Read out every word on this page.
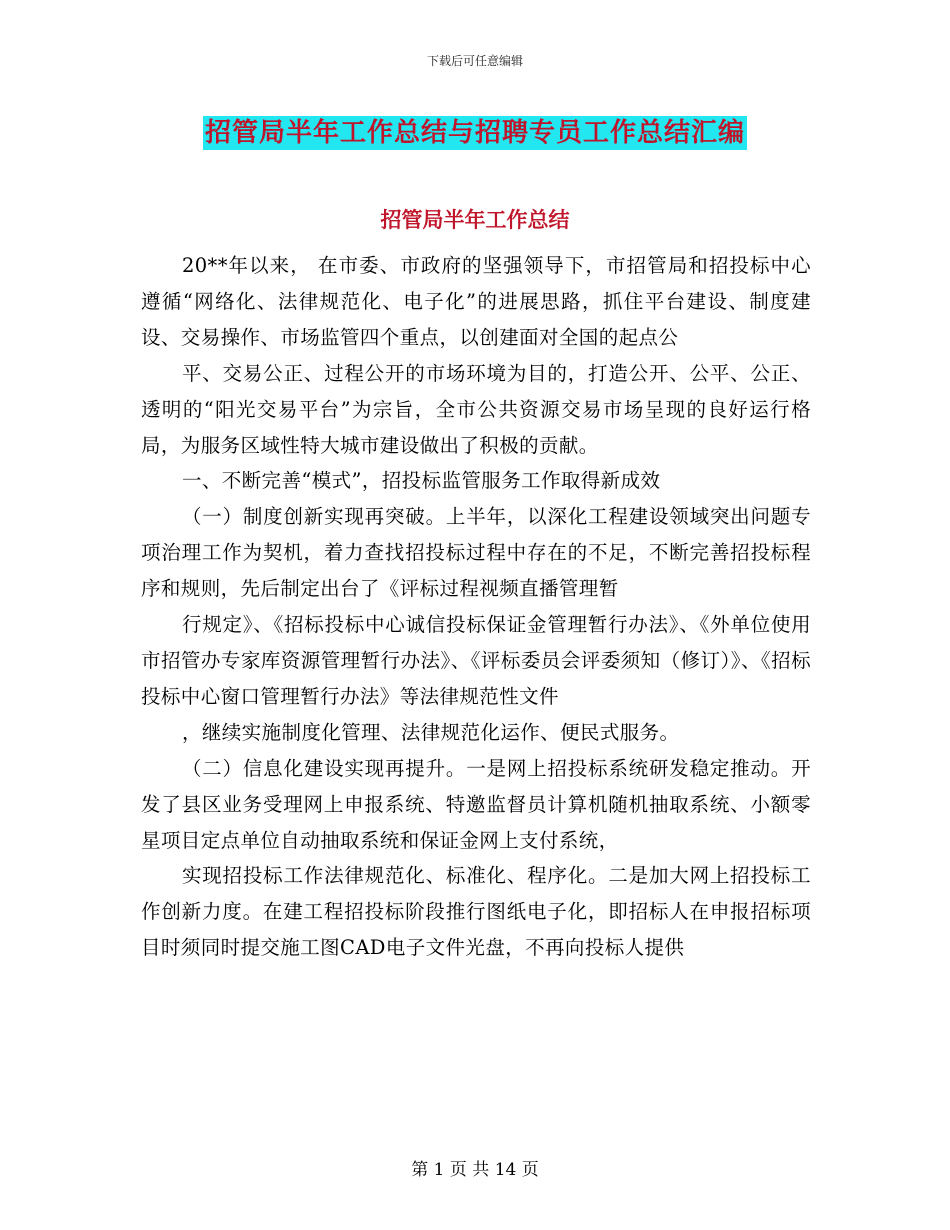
下载后可任意编辑
招管局半年工作总结与招聘专员工作总结汇编
招管局半年工作总结

20**年以来， 在市委、市政府的坚强领导下，市招管局和招投标中心遵循“网络化、法律规范化、电子化”的进展思路，抓住平台建设、制度建设、交易操作、市场监管四个重点，以创建面对全国的起点公

平、交易公正、过程公开的市场环境为目的，打造公开、公平、公正、透明的“阳光交易平台”为宗旨，全市公共资源交易市场呈现的良好运行格局，为服务区域性特大城市建设做出了积极的贡献。

一、不断完善“模式”，招投标监管服务工作取得新成效

（一）制度创新实现再突破。上半年，以深化工程建设领域突出问题专项治理工作为契机，着力查找招投标过程中存在的不足，不断完善招投标程序和规则，先后制定出台了《评标过程视频直播管理暂

行规定》、《招标投标中心诚信投标保证金管理暂行办法》、《外单位使用市招管办专家库资源管理暂行办法》、《评标委员会评委须知（修订）》、《招标投标中心窗口管理暂行办法》等法律规范性文件

，继续实施制度化管理、法律规范化运作、便民式服务。

（二）信息化建设实现再提升。一是网上招投标系统研发稳定推动。开发了县区业务受理网上申报系统、特邀监督员计算机随机抽取系统、小额零星项目定点单位自动抽取系统和保证金网上支付系统，

实现招投标工作法律规范化、标准化、程序化。二是加大网上招投标工作创新力度。在建工程招投标阶段推行图纸电子化，即招标人在申报招标项目时须同时提交施工图CAD电子文件光盘，不再向投标人提供

第 1 页 共 14 页
